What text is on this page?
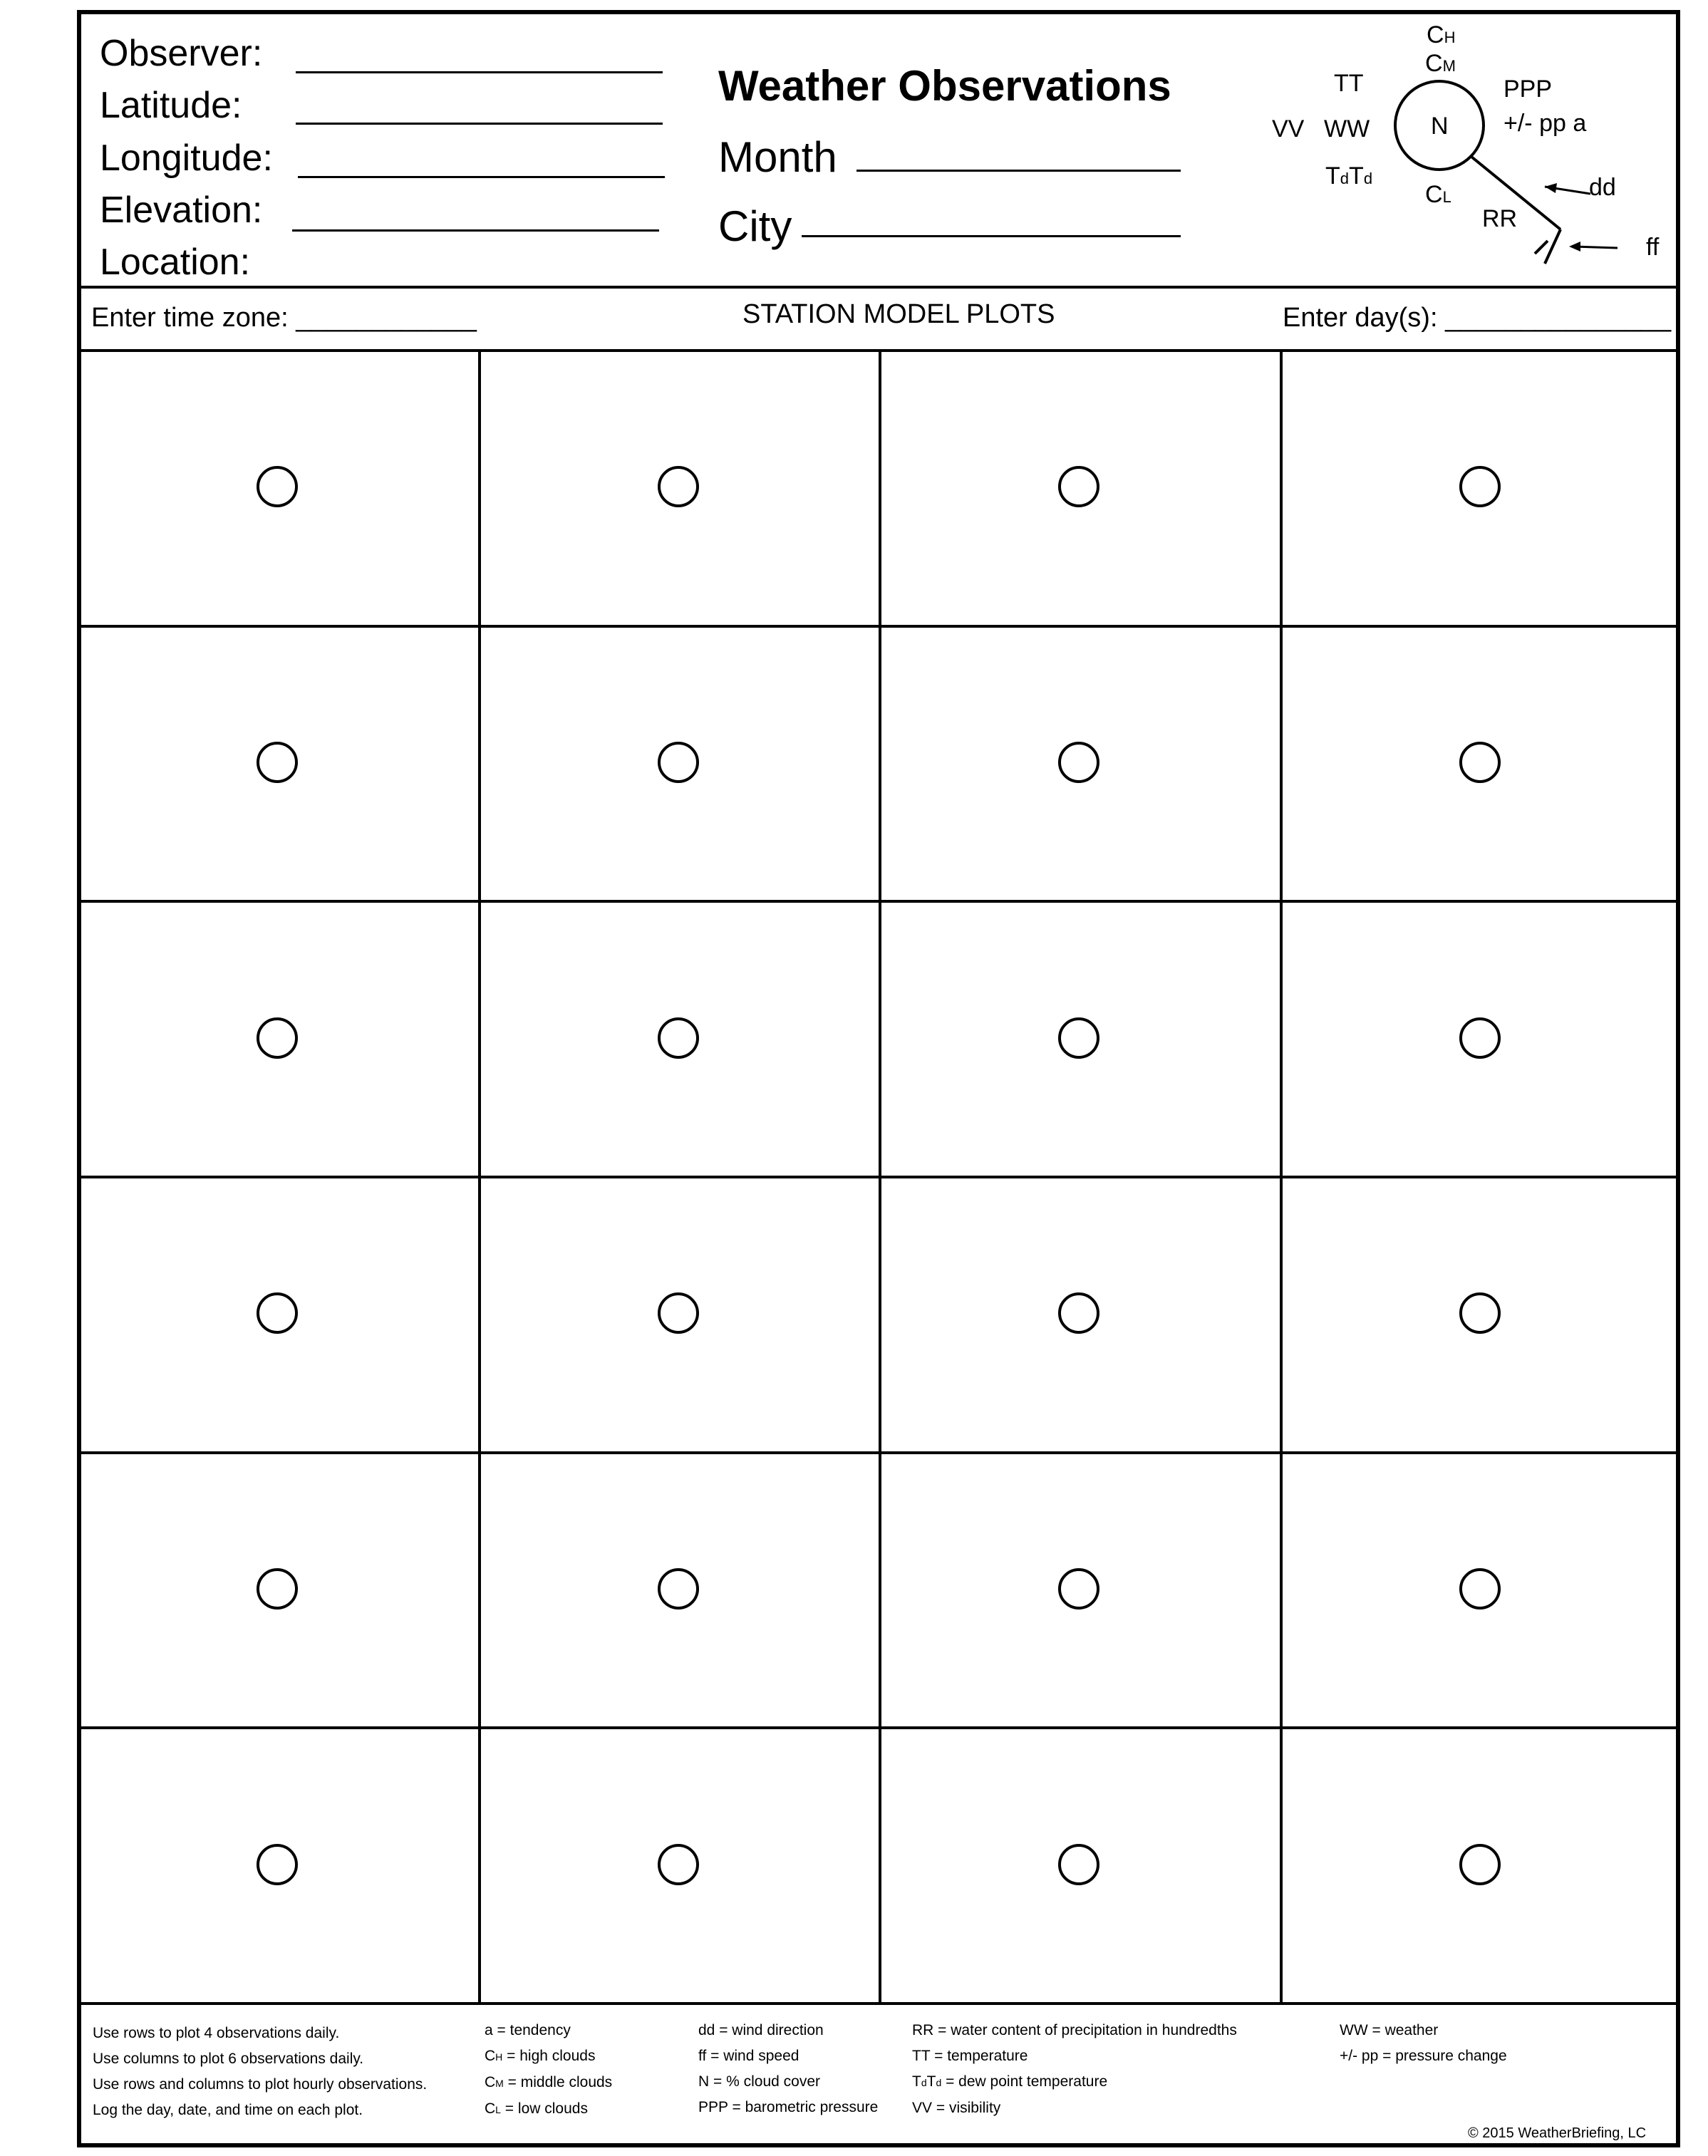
Observer:
Latitude:
Longitude:
Elevation:
Location:
Weather Observations
Month
City
CH
CM
TT	PPP
VV WW	N +/- pp a
TdTd
CL	dd
RR
ff
Enter time zone: ____________	STATION MODEL PLOTS	Enter day(s): _______________
Use rows to plot 4 observations daily.
Use columns to plot 6 observations daily.
Use rows and columns to plot hourly observations.
Log the day, date, and time on each plot.
a = tendency
CH = high clouds
CM = middle clouds
CL = low clouds
dd = wind direction
ff = wind speed
N = % cloud cover
PPP = barometric pressure
RR = water content of precipitation in hundredths
TT = temperature
TdTd = dew point temperature
VV = visibility
WW = weather
+/- pp = pressure change
© 2015 WeatherBriefing, LC
